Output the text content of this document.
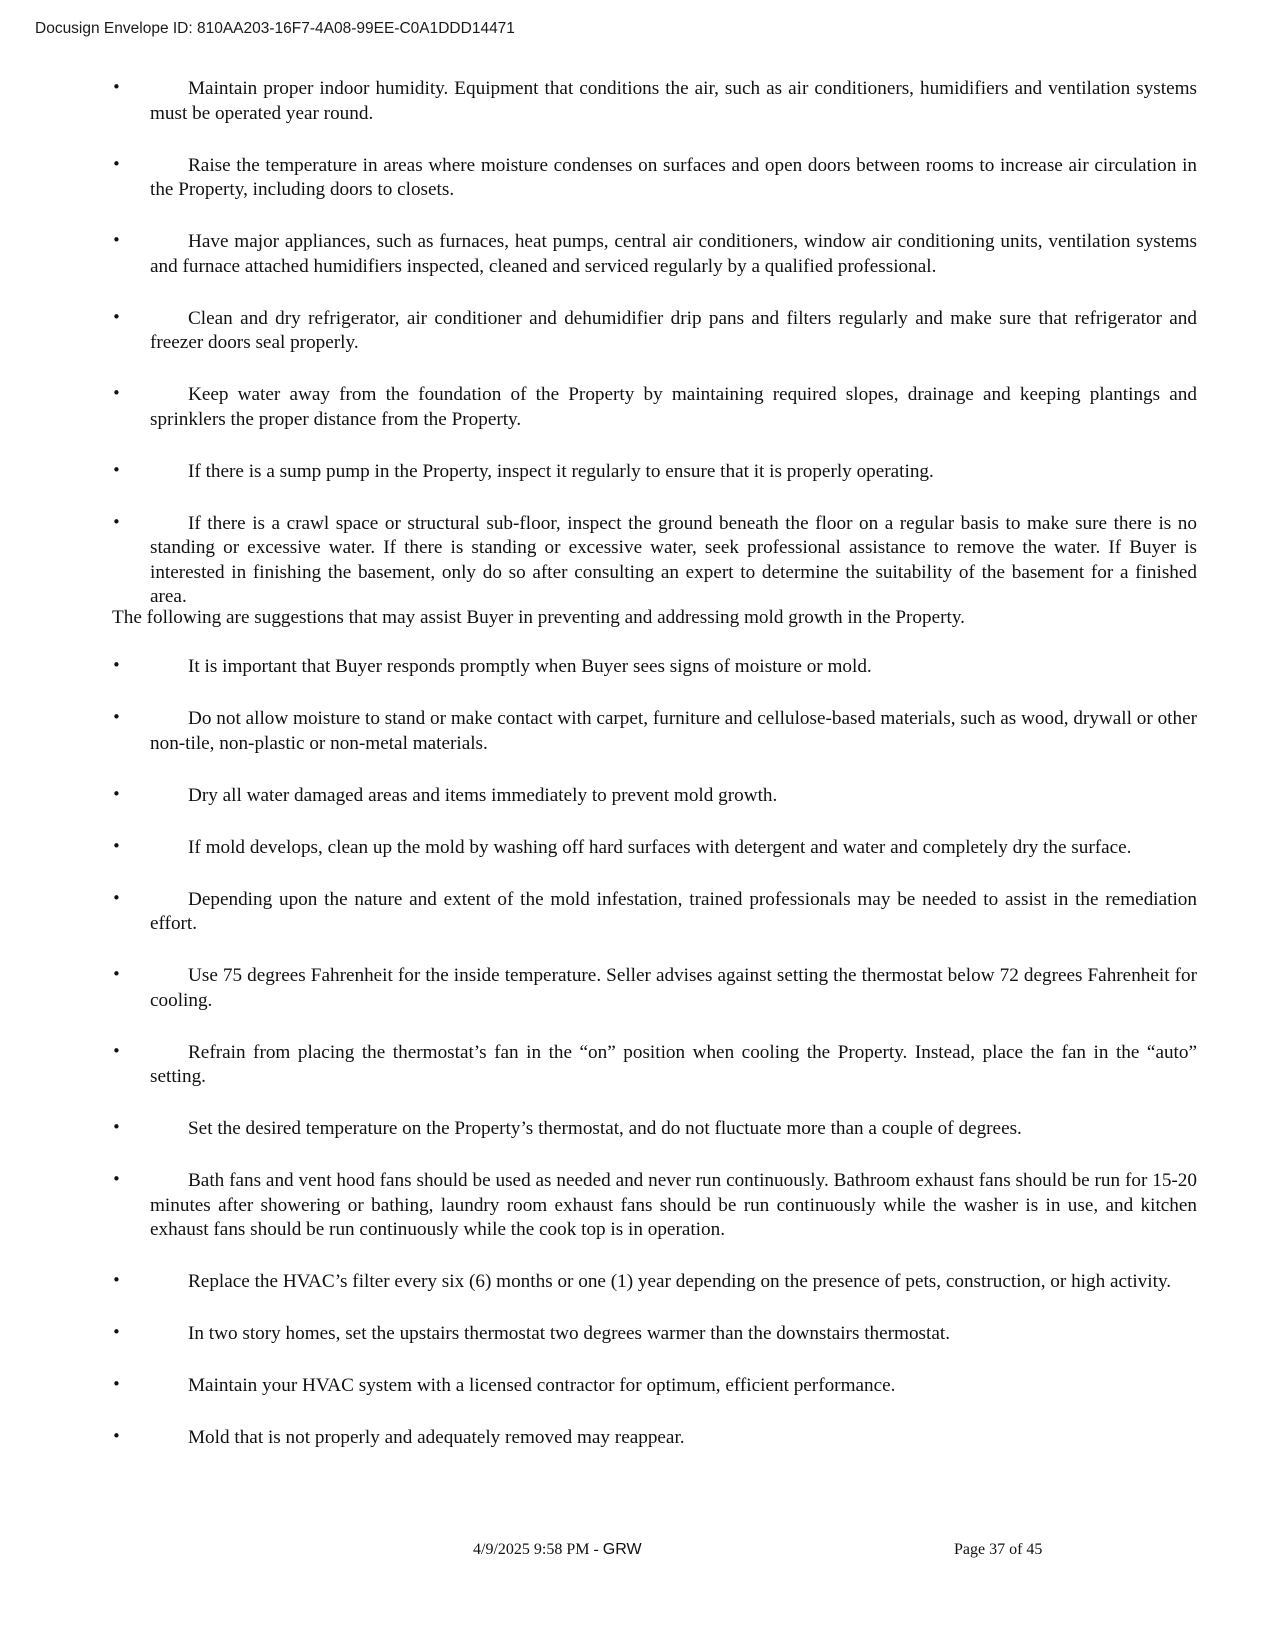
Docusign Envelope ID: 810AA203-16F7-4A08-99EE-C0A1DDD14471
•	Maintain proper indoor humidity. Equipment that conditions the air, such as air conditioners, humidifiers and ventilation systems must be operated year round.
•	Raise the temperature in areas where moisture condenses on surfaces and open doors between rooms to increase air circulation in the Property, including doors to closets.
•	Have major appliances, such as furnaces, heat pumps, central air conditioners, window air conditioning units, ventilation systems and furnace attached humidifiers inspected, cleaned and serviced regularly by a qualified professional.
•	Clean and dry refrigerator, air conditioner and dehumidifier drip pans and filters regularly and make sure that refrigerator and freezer doors seal properly.
•	Keep water away from the foundation of the Property by maintaining required slopes, drainage and keeping plantings and sprinklers the proper distance from the Property.
•	If there is a sump pump in the Property, inspect it regularly to ensure that it is properly operating.
•	If there is a crawl space or structural sub-floor, inspect the ground beneath the floor on a regular basis to make sure there is no standing or excessive water. If there is standing or excessive water, seek professional assistance to remove the water. If Buyer is interested in finishing the basement, only do so after consulting an expert to determine the suitability of the basement for a finished area.

The following are suggestions that may assist Buyer in preventing and addressing mold growth in the Property.

•	It is important that Buyer responds promptly when Buyer sees signs of moisture or mold.
•	Do not allow moisture to stand or make contact with carpet, furniture and cellulose-based materials, such as wood, drywall or other non-tile, non-plastic or non-metal materials.
•	Dry all water damaged areas and items immediately to prevent mold growth.
•	If mold develops, clean up the mold by washing off hard surfaces with detergent and water and completely dry the surface.
•	Depending upon the nature and extent of the mold infestation, trained professionals may be needed to assist in the remediation effort.
•	Use 75 degrees Fahrenheit for the inside temperature. Seller advises against setting the thermostat below 72 degrees Fahrenheit for cooling.
•	Refrain from placing the thermostat’s fan in the “on” position when cooling the Property. Instead, place the fan in the “auto” setting.
•	Set the desired temperature on the Property’s thermostat, and do not fluctuate more than a couple of degrees.
•	Bath fans and vent hood fans should be used as needed and never run continuously. Bathroom exhaust fans should be run for 15-20 minutes after showering or bathing, laundry room exhaust fans should be run continuously while the washer is in use, and kitchen exhaust fans should be run continuously while the cook top is in operation.
•	Replace the HVAC’s filter every six (6) months or one (1) year depending on the presence of pets, construction, or high activity.
•	In two story homes, set the upstairs thermostat two degrees warmer than the downstairs thermostat.
•	Maintain your HVAC system with a licensed contractor for optimum, efficient performance.
•	Mold that is not properly and adequately removed may reappear.
4/9/2025 9:58 PM - GRW	Page 37 of 45
